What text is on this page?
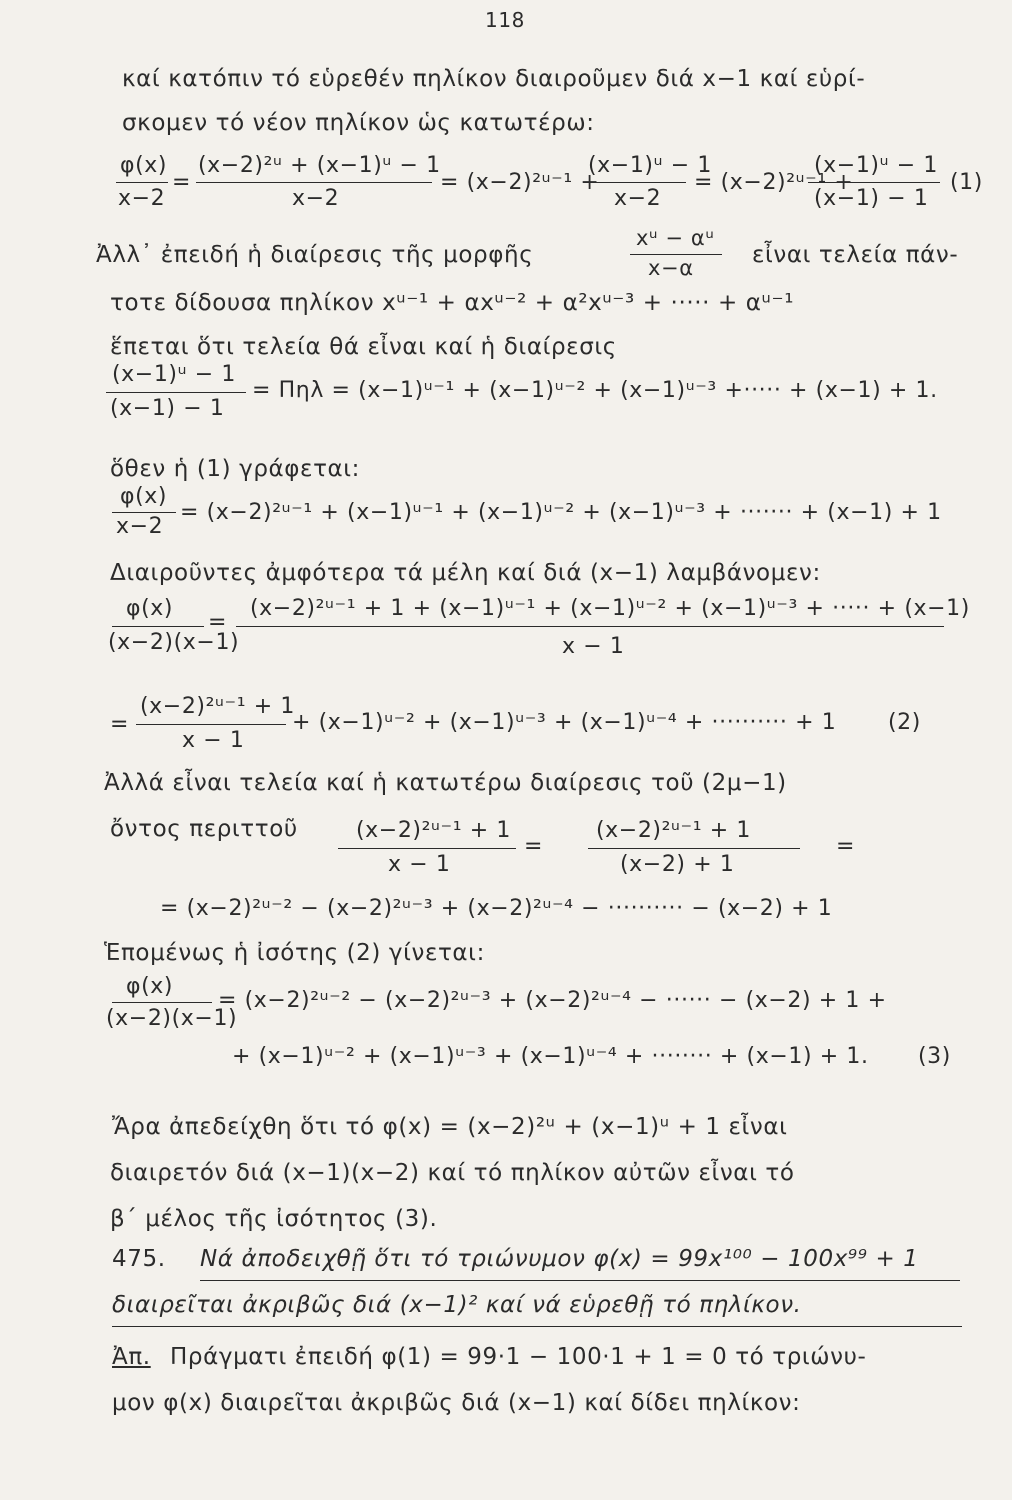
118
καί κατόπιν τό εὑρεθέν πηλίκον διαιροῦμεν διά x−1 καί εὑρί-
σκομεν τό νέον πηλίκον ὡς κατωτέρω:
φ(x)
x−2
=
(x−2)²ᵘ + (x−1)ᵘ − 1
x−2
= (x−2)²ᵘ⁻¹ +
(x−1)ᵘ − 1
x−2
= (x−2)²ᵘ⁻¹ +
(x−1)ᵘ − 1
(x−1) − 1
(1)
Ἀλλ᾽ ἐπειδή ἡ διαίρεσις τῆς μορφῆς
xᵘ − αᵘ
x−α	εἶναι τελεία πάν-
τοτε δίδουσα πηλίκον xᵘ⁻¹ + αxᵘ⁻² + α²xᵘ⁻³ + ····· + αᵘ⁻¹
ἕπεται ὅτι τελεία θά εἶναι καί ἡ διαίρεσις
(x−1)ᵘ − 1
(x−1) − 1
= Πηλ = (x−1)ᵘ⁻¹ + (x−1)ᵘ⁻² + (x−1)ᵘ⁻³ +····· + (x−1) + 1.
ὅθεν ἡ (1) γράφεται:
φ(x)
x−2
= (x−2)²ᵘ⁻¹ + (x−1)ᵘ⁻¹ + (x−1)ᵘ⁻² + (x−1)ᵘ⁻³ + ······· + (x−1) + 1
Διαιροῦντες ἀμφότερα τά μέλη καί διά (x−1) λαμβάνομεν:
φ(x)
(x−2)(x−1)
=
(x−2)²ᵘ⁻¹ + 1 + (x−1)ᵘ⁻¹ + (x−1)ᵘ⁻² + (x−1)ᵘ⁻³ + ····· + (x−1)
x − 1
=
(x−2)²ᵘ⁻¹ + 1
x − 1
+ (x−1)ᵘ⁻² + (x−1)ᵘ⁻³ + (x−1)ᵘ⁻⁴ + ·········· + 1 (2)
Ἀλλά εἶναι τελεία καί ἡ κατωτέρω διαίρεσις τοῦ (2μ−1)
ὄντος περιττοῦ	(x−2)²ᵘ⁻¹ + 1
x − 1
=
(x−2)²ᵘ⁻¹ + 1
(x−2) + 1
=
= (x−2)²ᵘ⁻² − (x−2)²ᵘ⁻³ + (x−2)²ᵘ⁻⁴ − ·········· − (x−2) + 1
Ἑπομένως ἡ ἰσότης (2) γίνεται:
φ(x)
(x−2)(x−1)
= (x−2)²ᵘ⁻² − (x−2)²ᵘ⁻³ + (x−2)²ᵘ⁻⁴ − ······ − (x−2) + 1 +
+ (x−1)ᵘ⁻² + (x−1)ᵘ⁻³ + (x−1)ᵘ⁻⁴ + ········ + (x−1) + 1. (3)
Ἄρα ἀπεδείχθη ὅτι τό φ(x) = (x−2)²ᵘ + (x−1)ᵘ + 1 εἶναι
διαιρετόν διά (x−1)(x−2) καί τό πηλίκον αὐτῶν εἶναι τό
β΄ μέλος τῆς ἰσότητος (3).
475. Νά ἀποδειχθῇ ὅτι τό τριώνυμον φ(x) = 99x¹⁰⁰ − 100x⁹⁹ + 1
διαιρεῖται ἀκριβῶς διά (x−1)² καί νά εὑρεθῇ τό πηλίκον.
Ἀπ. Πράγματι ἐπειδή φ(1) = 99·1 − 100·1 + 1 = 0 τό τριώνυ-
μον φ(x) διαιρεῖται ἀκριβῶς διά (x−1) καί δίδει πηλίκον:
